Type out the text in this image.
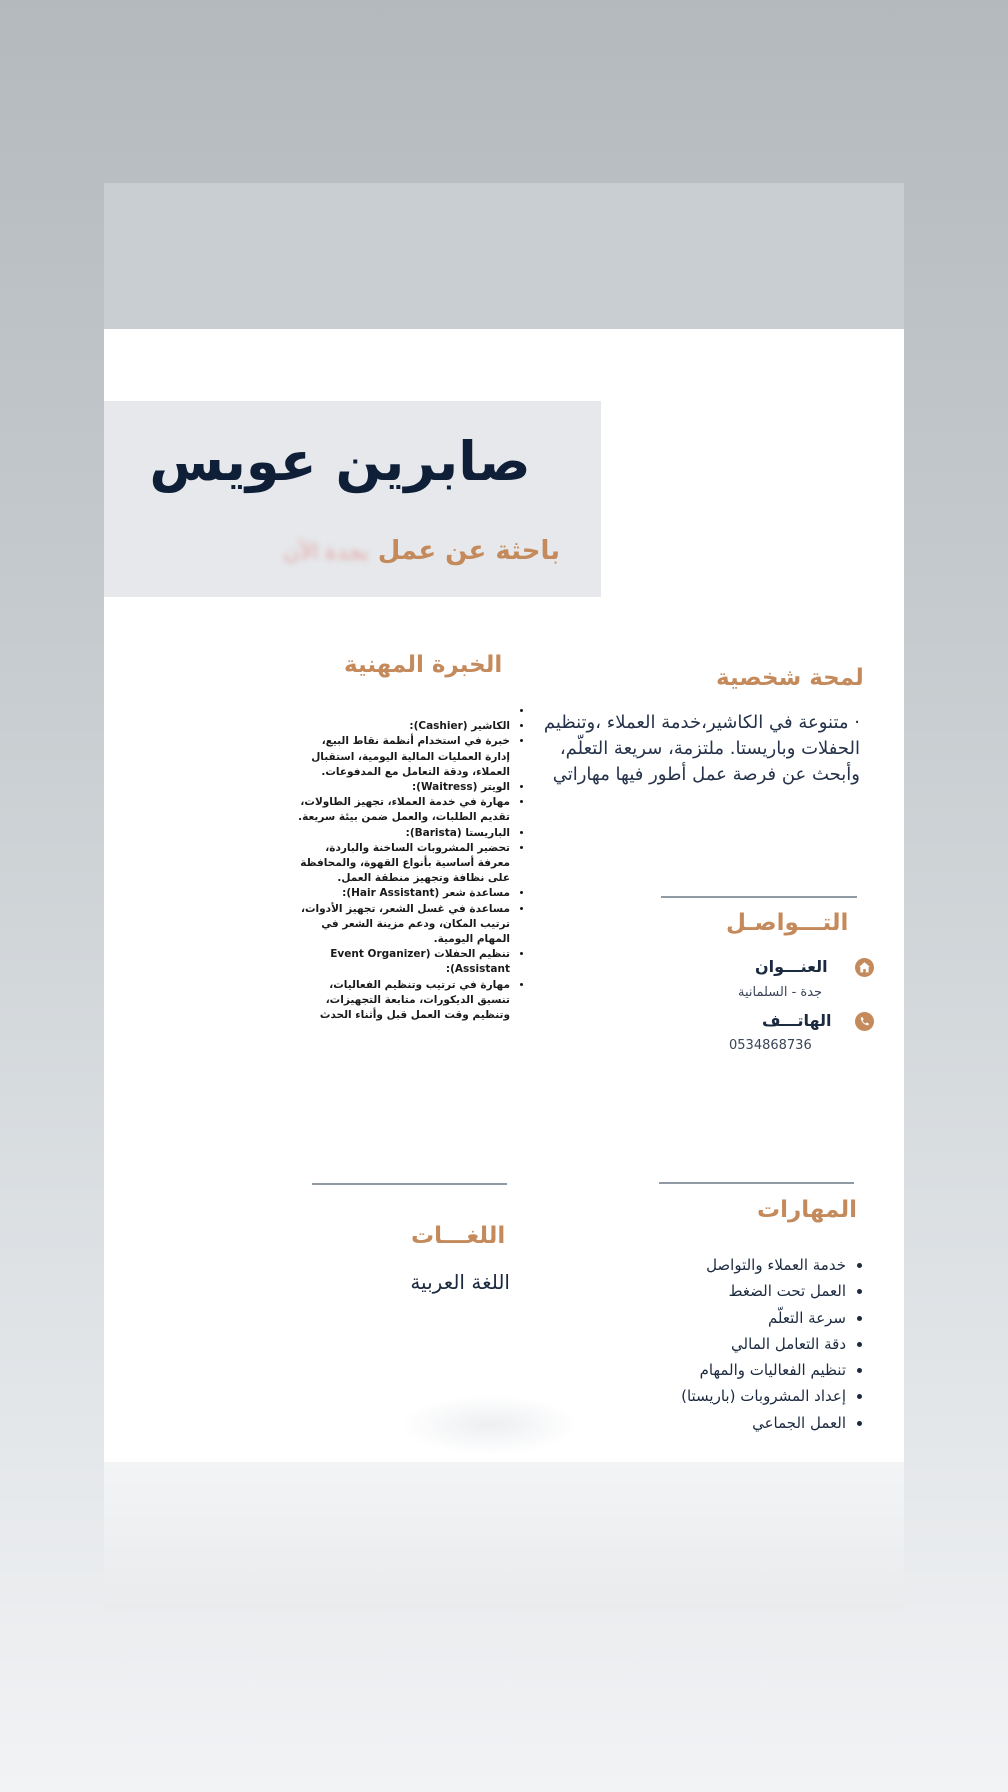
صابرين عويس
باحثة عن عمل بجدة الآن
لمحة شخصية
· متنوعة في الكاشير،خدمة العملاء ،وتنظيم الحفلات وباريستا. ملتزمة، سريعة التعلّم، وأبحث عن فرصة عمل أطور فيها مهاراتي
الخبرة المهنية
•
• الكاشير (Cashier):
• خبرة في استخدام أنظمة نقاط البيع، إدارة العمليات المالية اليومية، استقبال العملاء، ودقة التعامل مع المدفوعات.
• الويتر (Waitress):
• مهارة في خدمة العملاء، تجهيز الطاولات، تقديم الطلبات، والعمل ضمن بيئة سريعة.
• الباريستا (Barista):
• تحضير المشروبات الساخنة والباردة، معرفة أساسية بأنواع القهوة، والمحافظة على نظافة وتجهيز منطقة العمل.
• مساعدة شعر (Hair Assistant):
• مساعدة في غسل الشعر، تجهيز الأدوات، ترتيب المكان، ودعم مزينة الشعر في المهام اليومية.
• تنظيم الحفلات (Event Organizer Assistant):
• مهارة في ترتيب وتنظيم الفعاليات، تنسيق الديكورات، متابعة التجهيزات، وتنظيم وقت العمل قبل وأثناء الحدث
التـــواصـل
العنـــوان
جدة - السلمانية
الهاتـــف
0534868736
المهارات
• خدمة العملاء والتواصل
• العمل تحت الضغط
• سرعة التعلّم
• دقة التعامل المالي
• تنظيم الفعاليات والمهام
• إعداد المشروبات (باريستا)
• العمل الجماعي
اللغـــات
اللغة العربية
